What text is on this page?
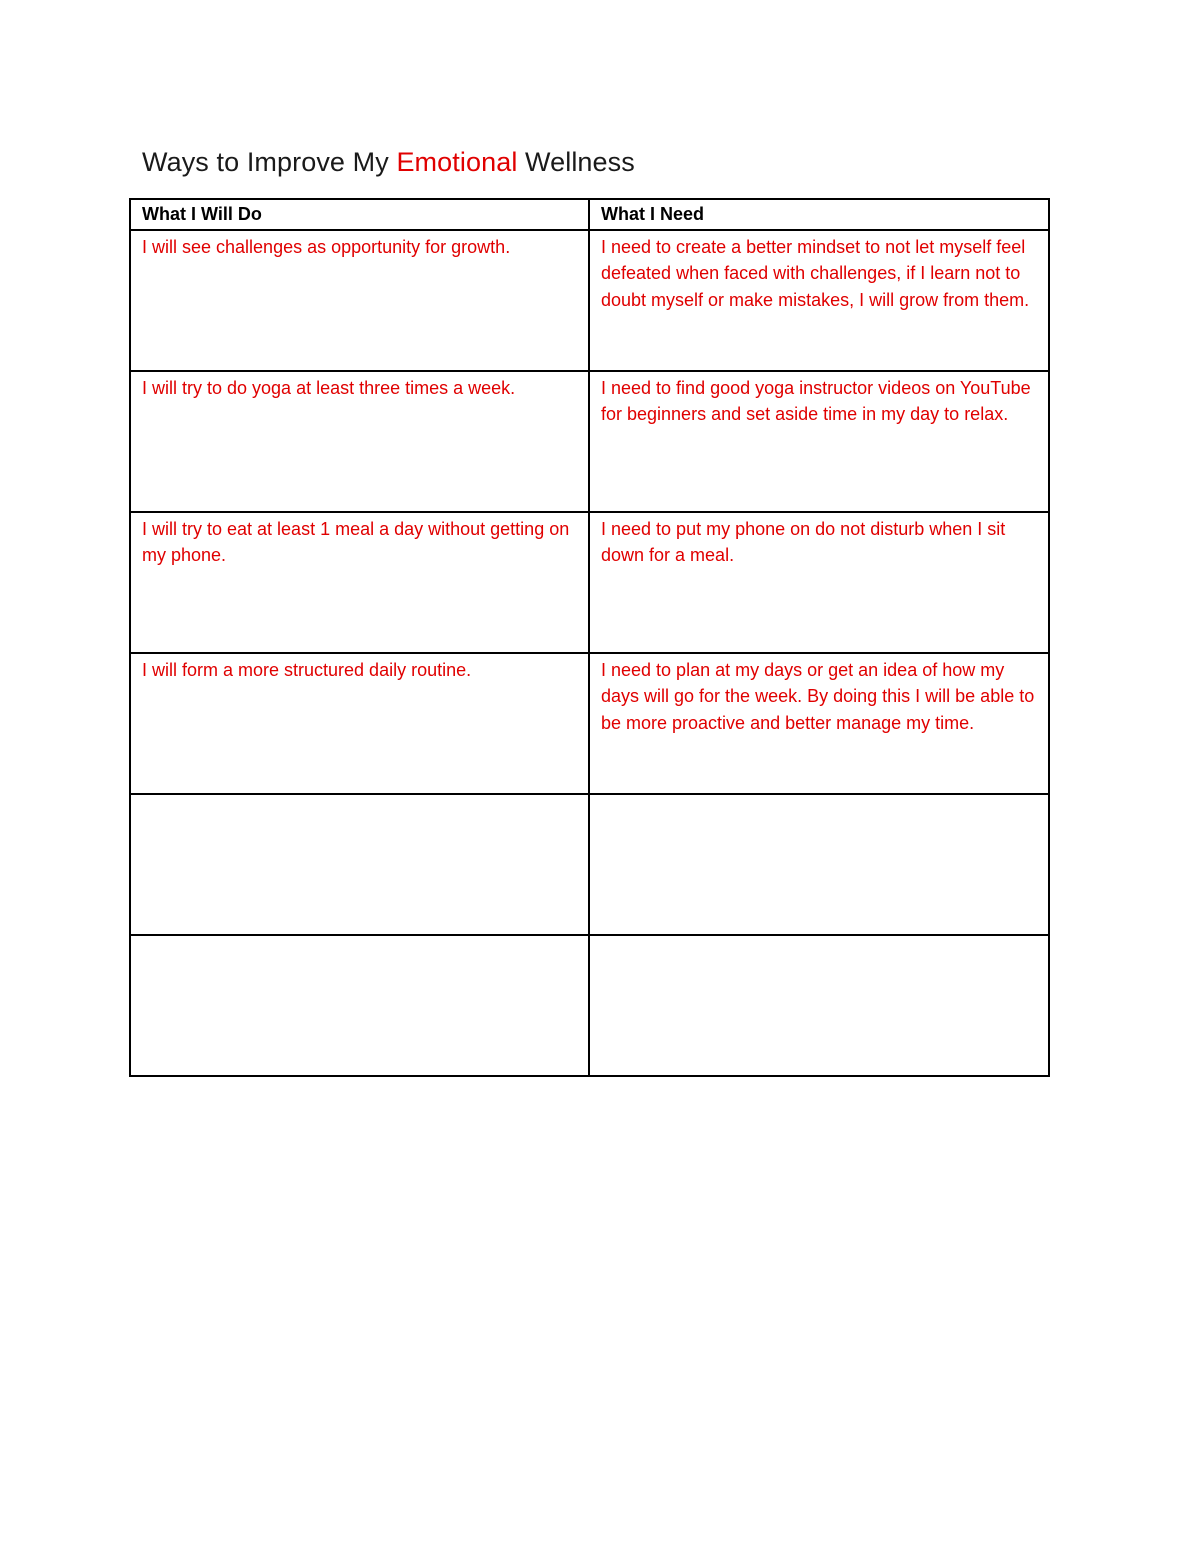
Ways to Improve My Emotional Wellness
What I Will Do	What I Need
I will see challenges as opportunity for growth.	I need to create a better mindset to not let myself feel defeated when faced with challenges, if I learn not to doubt myself or make mistakes, I will grow from them.
I will try to do yoga at least three times a week.	I need to find good yoga instructor videos on YouTube for beginners and set aside time in my day to relax.
I will try to eat at least 1 meal a day without getting on my phone.	I need to put my phone on do not disturb when I sit down for a meal.
I will form a more structured daily routine.	I need to plan at my days or get an idea of how my days will go for the week. By doing this I will be able to be more proactive and better manage my time.
